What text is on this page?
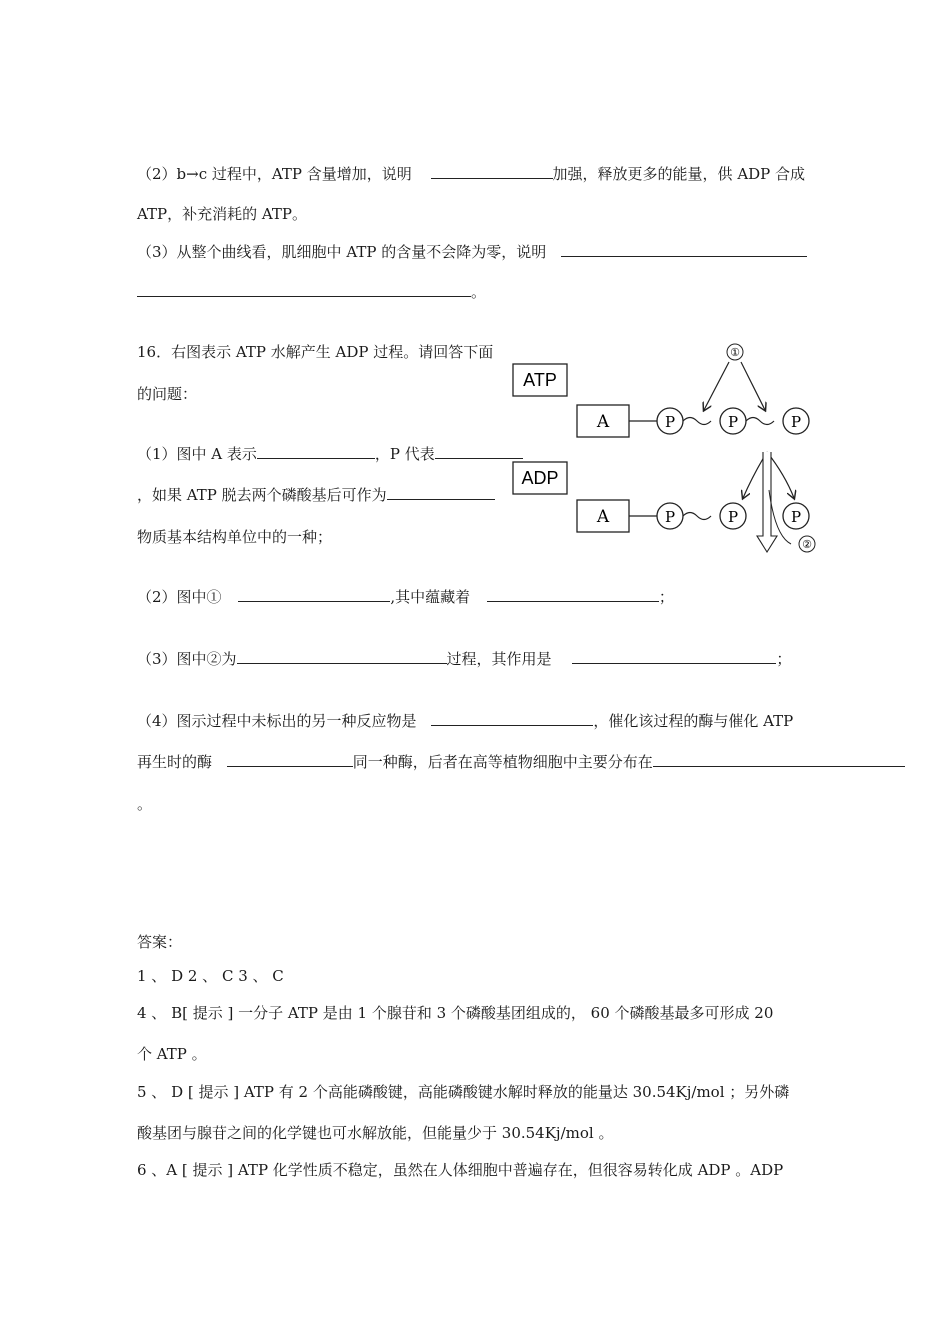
（2）b→c 过程中，ATP 含量增加，说明	加强，释放更多的能量，供 ADP 合成
ATP，补充消耗的 ATP。
（3）从整个曲线看，肌细胞中 ATP 的含量不会降为零，说明
。
16．右图表示 ATP 水解产生 ADP 过程。请回答下面
的问题：
（1）图中 A 表示	，P 代表
，如果 ATP 脱去两个磷酸基后可作为
物质基本结构单位中的一种；
（2）图中①	,其中蕴藏着	；
（3）图中②为	过程，其作用是	；
（4）图示过程中未标出的另一种反应物是	，催化该过程的酶与催化 ATP
再生时的酶	同一种酶，后者在高等植物细胞中主要分布在
。
ATP
ADP
A	P	P	P
①
A	P	P	P
②
答案：
1 、 D 2 、 C 3 、 C
4 、 B[ 提示 ] 一分子 ATP 是由 1 个腺苷和 3 个磷酸基团组成的， 60 个磷酸基最多可形成 20
个 ATP 。
5 、 D [ 提示 ] ATP 有 2 个高能磷酸键，高能磷酸键水解时释放的能量达 30.54Kj/mol ；另外磷
酸基团与腺苷之间的化学键也可水解放能，但能量少于 30.54Kj/mol 。
6 、A [ 提示 ] ATP 化学性质不稳定，虽然在人体细胞中普遍存在，但很容易转化成 ADP 。ADP
